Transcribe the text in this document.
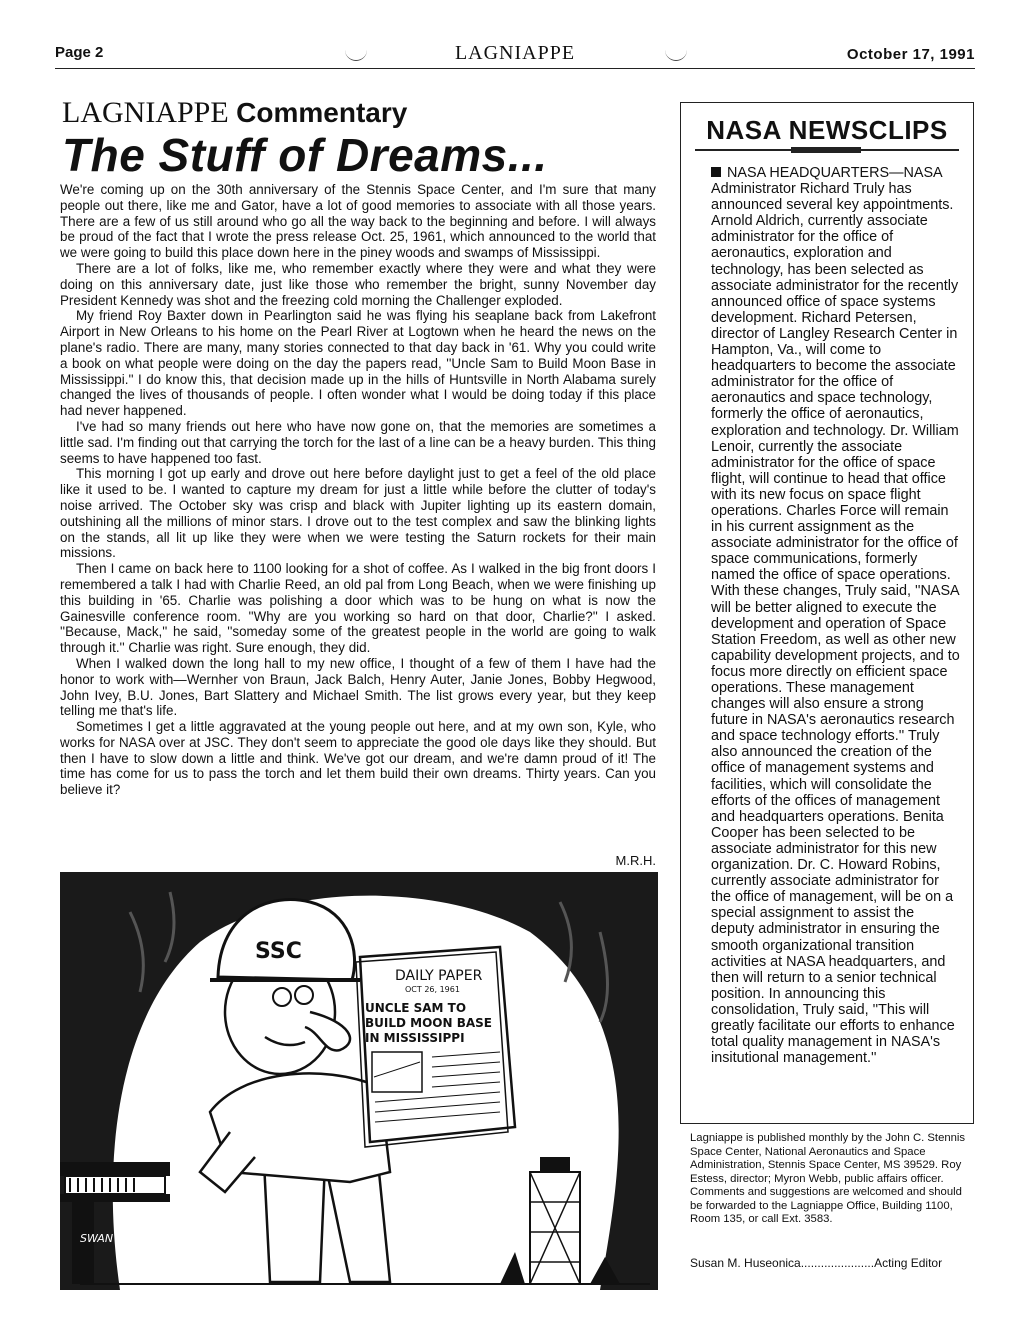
Page 2	LAGNIAPPE	October 17, 1991
LAGNIAPPE Commentary
The Stuff of Dreams...

We're coming up on the 30th anniversary of the Stennis Space Center, and I'm sure that many people out there, like me and Gator, have a lot of good memories to associate with all those years. There are a few of us still around who go all the way back to the beginning and before. I will always be proud of the fact that I wrote the press release Oct. 25, 1961, which announced to the world that we were going to build this place down here in the piney woods and swamps of Mississippi.

There are a lot of folks, like me, who remember exactly where they were and what they were doing on this anniversary date, just like those who remember the bright, sunny November day President Kennedy was shot and the freezing cold morning the Challenger exploded.

My friend Roy Baxter down in Pearlington said he was flying his seaplane back from Lakefront Airport in New Orleans to his home on the Pearl River at Logtown when he heard the news on the plane's radio. There are many, many stories connected to that day back in '61. Why you could write a book on what people were doing on the day the papers read, ''Uncle Sam to Build Moon Base in Mississippi.'' I do know this, that decision made up in the hills of Huntsville in North Alabama surely changed the lives of thousands of people. I often wonder what I would be doing today if this place had never happened.

I've had so many friends out here who have now gone on, that the memories are sometimes a little sad. I'm finding out that carrying the torch for the last of a line can be a heavy burden. This thing seems to have happened too fast.

This morning I got up early and drove out here before daylight just to get a feel of the old place like it used to be. I wanted to capture my dream for just a little while before the clutter of today's noise arrived. The October sky was crisp and black with Jupiter lighting up its eastern domain, outshining all the millions of minor stars. I drove out to the test complex and saw the blinking lights on the stands, all lit up like they were when we were testing the Saturn rockets for their main missions.

Then I came on back here to 1100 looking for a shot of coffee. As I walked in the big front doors I remembered a talk I had with Charlie Reed, an old pal from Long Beach, when we were finishing up this building in '65. Charlie was polishing a door which was to be hung on what is now the Gainesville conference room. ''Why are you working so hard on that door, Charlie?'' I asked. ''Because, Mack,'' he said, ''someday some of the greatest people in the world are going to walk through it.'' Charlie was right. Sure enough, they did.

When I walked down the long hall to my new office, I thought of a few of them I have had the honor to work with—Wernher von Braun, Jack Balch, Henry Auter, Janie Jones, Bobby Hegwood, John Ivey, B.U. Jones, Bart Slattery and Michael Smith. The list grows every year, but they keep telling me that's life.

Sometimes I get a little aggravated at the young people out here, and at my own son, Kyle, who works for NASA over at JSC. They don't seem to appreciate the good ole days like they should. But then I have to slow down a little and think. We've got our dream, and we're damn proud of it! The time has come for us to pass the torch and let them build their own dreams. Thirty years. Can you believe it?

M.R.H.
SSC
DAILY PAPER
OCT 26, 1961
UNCLE SAM TO
BUILD MOON BASE
IN MISSISSIPPI
SWAN
NASA NEWSCLIPS
NASA HEADQUARTERS—NASA Administrator Richard Truly has announced several key appointments. Arnold Aldrich, currently associate administrator for the office of aeronautics, exploration and technology, has been selected as associate administrator for the recently announced office of space systems development. Richard Petersen, director of Langley Research Center in Hampton, Va., will come to headquarters to become the associate administrator for the office of aeronautics and space technology, formerly the office of aeronautics, exploration and technology. Dr. William Lenoir, currently the associate administrator for the office of space flight, will continue to head that office with its new focus on space flight operations. Charles Force will remain in his current assignment as the associate administrator for the office of space communications, formerly named the office of space operations. With these changes, Truly said, ''NASA will be better aligned to execute the development and operation of Space Station Freedom, as well as other new capability development projects, and to focus more directly on efficient space operations. These management changes will also ensure a strong future in NASA's aeronautics research and space technology efforts.'' Truly also announced the creation of the office of management systems and facilities, which will consolidate the efforts of the offices of management and headquarters operations. Benita Cooper has been selected to be associate administrator for this new organization. Dr. C. Howard Robins, currently associate administrator for the office of management, will be on a special assignment to assist the deputy administrator in ensuring the smooth organizational transition activities at NASA headquarters, and then will return to a senior technical position. In announcing this consolidation, Truly said, ''This will greatly facilitate our efforts to enhance total quality management in NASA's insitutional management.''
Lagniappe is published monthly by the John C. Stennis Space Center, National Aeronautics and Space Administration, Stennis Space Center, MS 39529. Roy Estess, director; Myron Webb, public affairs officer. Comments and suggestions are welcomed and should be forwarded to the Lagniappe Office, Building 1100, Room 135, or call Ext. 3583.
Susan M. Huseonica......................Acting Editor
